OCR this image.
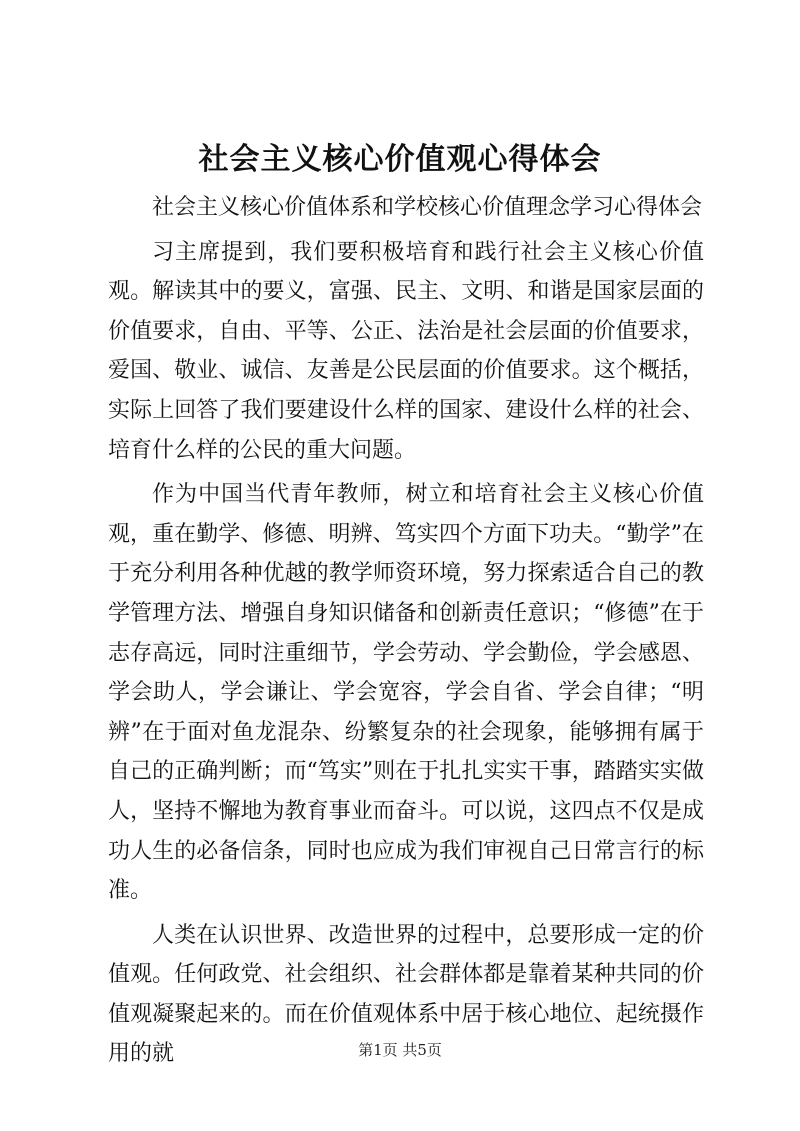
社会主义核心价值观心得体会

社会主义核心价值体系和学校核心价值理念学习心得体会

习主席提到，我们要积极培育和践行社会主义核心价值观。解读其中的要义，富强、民主、文明、和谐是国家层面的价值要求，自由、平等、公正、法治是社会层面的价值要求，爱国、敬业、诚信、友善是公民层面的价值要求。这个概括，实际上回答了我们要建设什么样的国家、建设什么样的社会、培育什么样的公民的重大问题。

作为中国当代青年教师，树立和培育社会主义核心价值观，重在勤学、修德、明辨、笃实四个方面下功夫。“勤学”在于充分利用各种优越的教学师资环境，努力探索适合自己的教学管理方法、增强自身知识储备和创新责任意识；“修德”在于志存高远，同时注重细节，学会劳动、学会勤俭，学会感恩、学会助人，学会谦让、学会宽容，学会自省、学会自律；“明辨”在于面对鱼龙混杂、纷繁复杂的社会现象，能够拥有属于自己的正确判断；而“笃实”则在于扎扎实实干事，踏踏实实做人，坚持不懈地为教育事业而奋斗。可以说，这四点不仅是成功人生的必备信条，同时也应成为我们审视自己日常言行的标准。

人类在认识世界、改造世界的过程中，总要形成一定的价值观。任何政党、社会组织、社会群体都是靠着某种共同的价值观凝聚起来的。而在价值观体系中居于核心地位、起统摄作用的就	第1页 共5页
